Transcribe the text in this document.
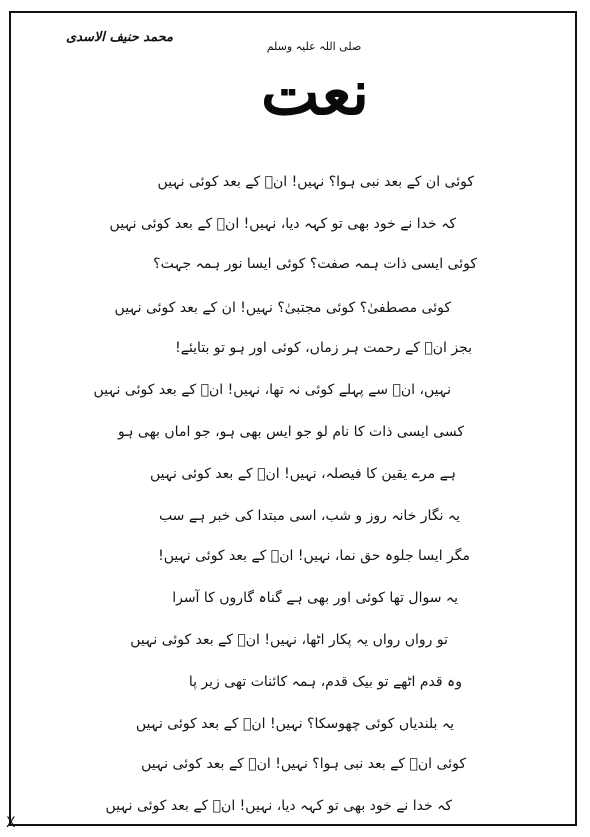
محمد حنیف الاسدی
صلی اللہ علیہ وسلم
نعت
کوئی ان کے بعد نبی ہوا؟ نہیں! انؐ کے بعد کوئی نہیں
کہ خدا نے خود بھی تو کہہ دیا، نہیں! انؐ کے بعد کوئی نہیں
کوئی ایسی ذات ہمہ صفت؟ کوئی ایسا نور ہمہ جہت؟
کوئی مصطفیٰ؟ کوئی مجتبیٰ؟ نہیں! ان کے بعد کوئی نہیں
بجز انؐ کے رحمت ہر زماں، کوئی اور ہو تو بتایئے!
نہیں، انؐ سے پہلے کوئی نہ تھا، نہیں! انؐ کے بعد کوئی نہیں
کسی ایسی ذات کا نام لو جو ایس بھی ہو، جو اماں بھی ہو
ہے مرے یقین کا فیصلہ، نہیں! انؐ کے بعد کوئی نہیں
یہ نگار خانہ روز و شب، اسی مبتدا کی خبر ہے سب
مگر ایسا جلوہ حق نما، نہیں! انؐ کے بعد کوئی نہیں!
یہ سوال تھا کوئی اور بھی ہے گناہ گاروں کا آسرا
تو رواں رواں یہ پکار اٹھا، نہیں! انؐ کے بعد کوئی نہیں
وہ قدم اٹھے تو بیک قدم، ہمہ کائنات تھی زیر پا
یہ بلندیاں کوئی چھوسکا؟ نہیں! انؐ کے بعد کوئی نہیں
کوئی انؐ کے بعد نبی ہوا؟ نہیں! انؐ کے بعد کوئی نہیں
کہ خدا نے خود بھی تو کہہ دیا، نہیں! انؐ کے بعد کوئی نہیں
X
